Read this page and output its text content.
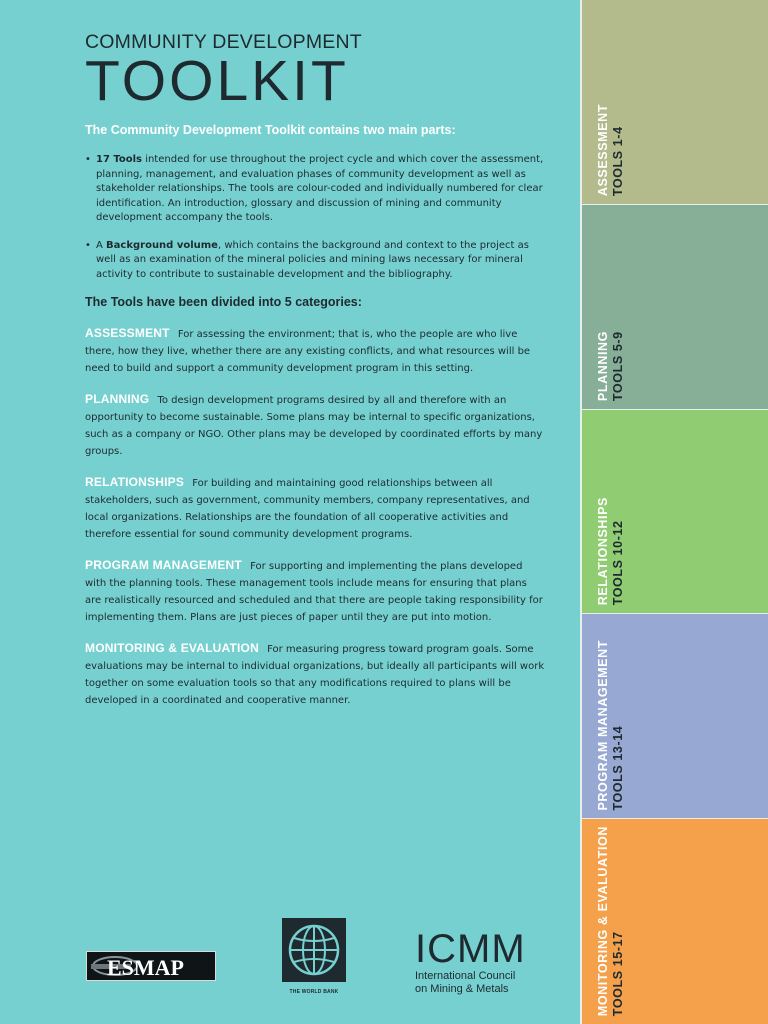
COMMUNITY DEVELOPMENT
TOOLKIT
The Community Development Toolkit contains two main parts:
• 17 Tools intended for use throughout the project cycle and which cover the assessment, planning, management, and evaluation phases of community development as well as stakeholder relationships. The tools are colour-coded and individually numbered for clear identification. An introduction, glossary and discussion of mining and community development accompany the tools.
• A Background volume, which contains the background and context to the project as well as an examination of the mineral policies and mining laws necessary for mineral activity to contribute to sustainable development and the bibliography.
The Tools have been divided into 5 categories:
ASSESSMENT For assessing the environment; that is, who the people are who live there, how they live, whether there are any existing conflicts, and what resources will be need to build and support a community development program in this setting.
PLANNING To design development programs desired by all and therefore with an opportunity to become sustainable. Some plans may be internal to specific organizations, such as a company or NGO. Other plans may be developed by coordinated efforts by many groups.
RELATIONSHIPS For building and maintaining good relationships between all stakeholders, such as government, community members, company representatives, and local organizations. Relationships are the foundation of all cooperative activities and therefore essential for sound community development programs.
PROGRAM MANAGEMENT For supporting and implementing the plans developed with the planning tools. These management tools include means for ensuring that plans are realistically resourced and scheduled and that there are people taking responsibility for implementing them. Plans are just pieces of paper until they are put into motion.
MONITORING & EVALUATION For measuring progress toward program goals. Some evaluations may be internal to individual organizations, but ideally all participants will work together on some evaluation tools so that any modifications required to plans will be developed in a coordinated and cooperative manner.
ASSESSMENT TOOLS 1-4
PLANNING TOOLS 5-9
RELATIONSHIPS TOOLS 10-12
PROGRAM MANAGEMENT TOOLS 13-14
MONITORING & EVALUATION TOOLS 15-17
ESMAP
THE WORLD BANK
ICMM
International Council
on Mining & Metals
